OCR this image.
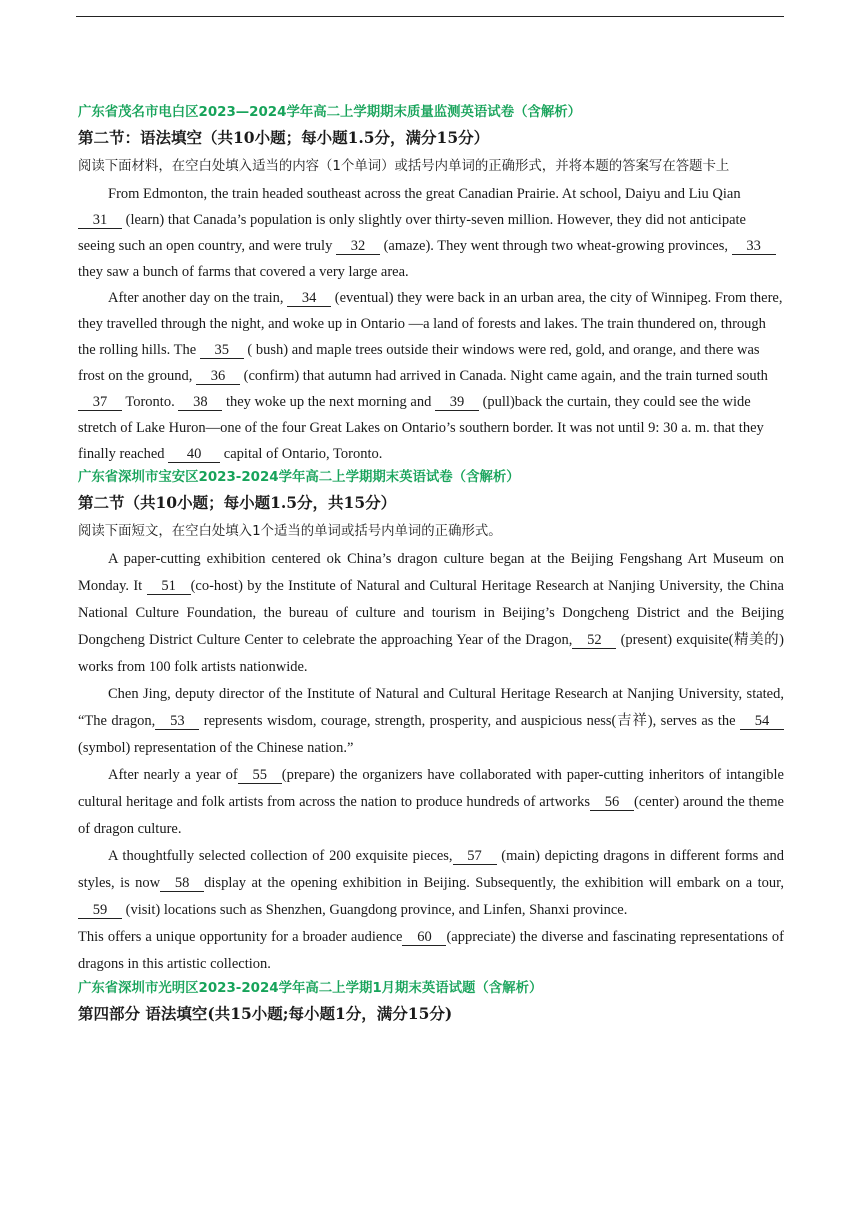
广东省茂名市电白区2023—2024学年高二上学期期末质量监测英语试卷（含解析）

第二节：语法填空（共10小题；每小题1.5分，满分15分）

阅读下面材料，在空白处填入适当的内容（1个单词）或括号内单词的正确形式，并将本题的答案写在答题卡上

From Edmonton, the train headed southeast across the great Canadian Prairie. At school, Daiyu and Liu Qian 31 (learn) that Canada’s population is only slightly over thirty-seven million. However, they did not anticipate seeing such an open country, and were truly 32 (amaze). They went through two wheat-growing provinces, 33 they saw a bunch of farms that covered a very large area.

After another day on the train, 34 (eventual) they were back in an urban area, the city of Winnipeg. From there, they travelled through the night, and woke up in Ontario —a land of forests and lakes. The train thundered on, through the rolling hills. The 35 ( bush) and maple trees outside their windows were red, gold, and orange, and there was frost on the ground, 36 (confirm) that autumn had arrived in Canada. Night came again, and the train turned south 37 Toronto. 38 they woke up the next morning and 39 (pull)back the curtain, they could see the wide stretch of Lake Huron—one of the four Great Lakes on Ontario’s southern border. It was not until 9: 30 a. m. that they finally reached 40 capital of Ontario, Toronto.

广东省深圳市宝安区2023-2024学年高二上学期期末英语试卷（含解析）

第二节（共10小题；每小题1.5分，共15分）

阅读下面短文，在空白处填入1个适当的单词或括号内单词的正确形式。

A paper-cutting exhibition centered ok China’s dragon culture began at the Beijing Fengshang Art Museum on Monday. It 51 (co-host) by the Institute of Natural and Cultural Heritage Research at Nanjing University, the China National Culture Foundation, the bureau of culture and tourism in Beijing’s Dongcheng District and the Beijing Dongcheng District Culture Center to celebrate the approaching Year of the Dragon, 52 (present) exquisite(精美的) works from 100 folk artists nationwide.

Chen Jing, deputy director of the Institute of Natural and Cultural Heritage Research at Nanjing University, stated, “The dragon, 53 represents wisdom, courage, strength, prosperity, and auspicious ness(吉祥), serves as the 54(symbol) representation of the Chinese nation.”

After nearly a year of 55 (prepare) the organizers have collaborated with paper-cutting inheritors of intangible cultural heritage and folk artists from across the nation to produce hundreds of artworks 56 (center) around the theme of dragon culture.

A thoughtfully selected collection of 200 exquisite pieces, 57 (main) depicting dragons in different forms and styles, is now 58 display at the opening exhibition in Beijing. Subsequently, the exhibition will embark on a tour,59 (visit) locations such as Shenzhen, Guangdong province, and Linfen, Shanxi province.

This offers a unique opportunity for a broader audience 60 (appreciate) the diverse and fascinating representations of dragons in this artistic collection.

广东省深圳市光明区2023-2024学年高二上学期1月期末英语试题（含解析）

第四部分 语法填空(共15小题;每小题1分，满分15分)
